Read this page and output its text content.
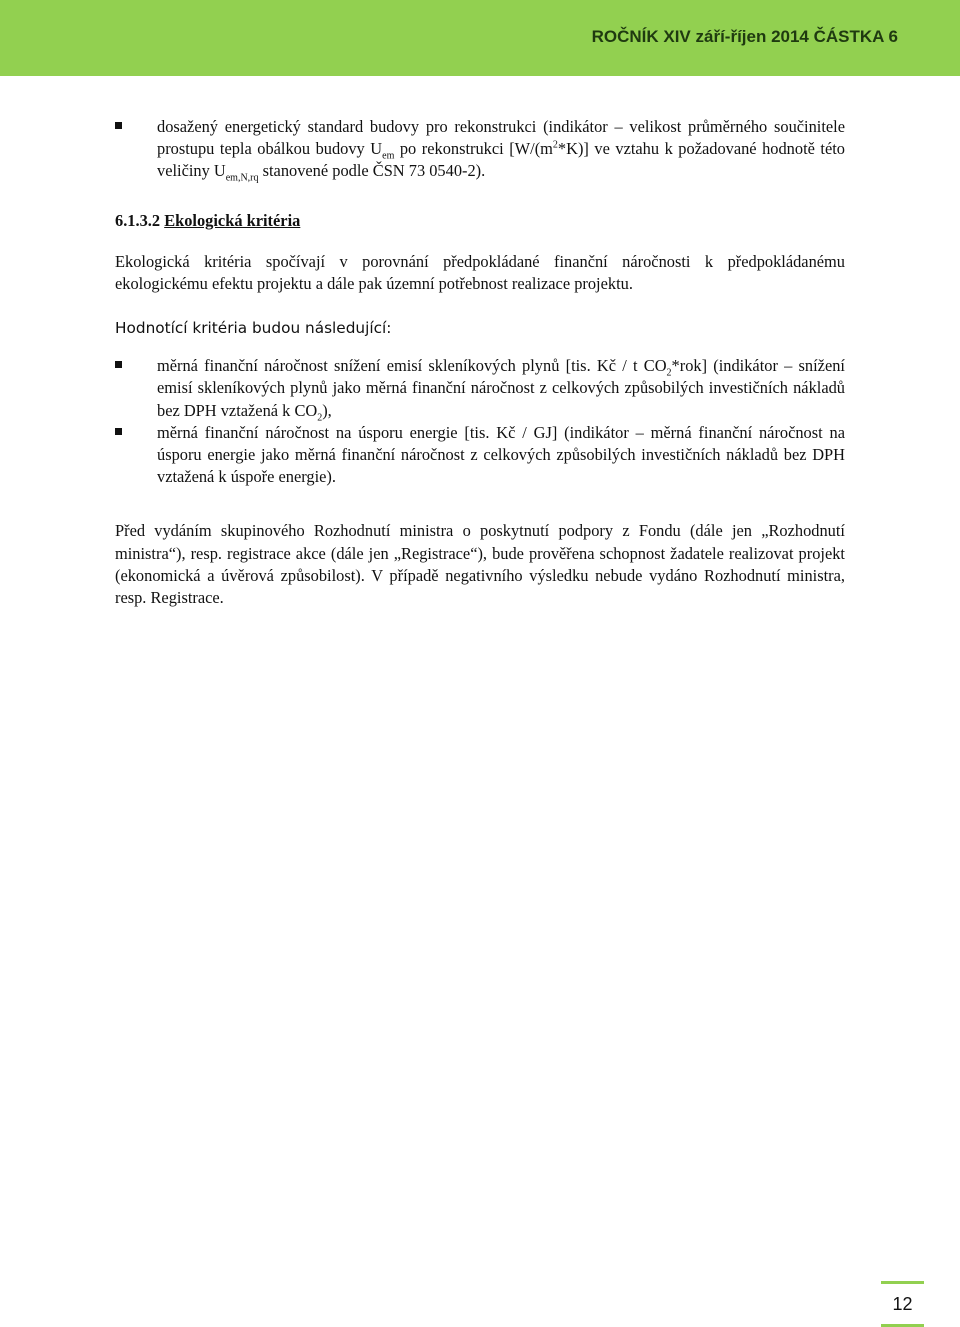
ROČNÍK XIV září-říjen 2014 ČÁSTKA 6
dosažený energetický standard budovy pro rekonstrukci (indikátor – velikost průměrného součinitele prostupu tepla obálkou budovy $U_{em}$ po rekonstrukci $[W/(m^2*K)]$ ve vztahu k požadované hodnotě této veličiny $U_{em,N,rq}$ stanovené podle ČSN 73 0540-2).

6.1.3.2 Ekologická kritéria

Ekologická kritéria spočívají v porovnání předpokládané finanční náročnosti k předpokládanému ekologickému efektu projektu a dále pak územní potřebnost realizace projektu.

Hodnotící kritéria budou následující:

měrná finanční náročnost snížení emisí skleníkových plynů [tis. Kč / t $CO_2*rok$] (indikátor – snížení emisí skleníkových plynů jako měrná finanční náročnost z celkových způsobilých investičních nákladů bez DPH vztažená k $CO_2$),
měrná finanční náročnost na úsporu energie [tis. Kč / GJ] (indikátor – měrná finanční náročnost na úsporu energie jako měrná finanční náročnost z celkových způsobilých investičních nákladů bez DPH vztažená k úspoře energie).

Před vydáním skupinového Rozhodnutí ministra o poskytnutí podpory z Fondu (dále jen „Rozhodnutí ministra“), resp. registrace akce (dále jen „Registrace“), bude prověřena schopnost žadatele realizovat projekt (ekonomická a úvěrová způsobilost). V případě negativního výsledku nebude vydáno Rozhodnutí ministra, resp. Registrace.

12
